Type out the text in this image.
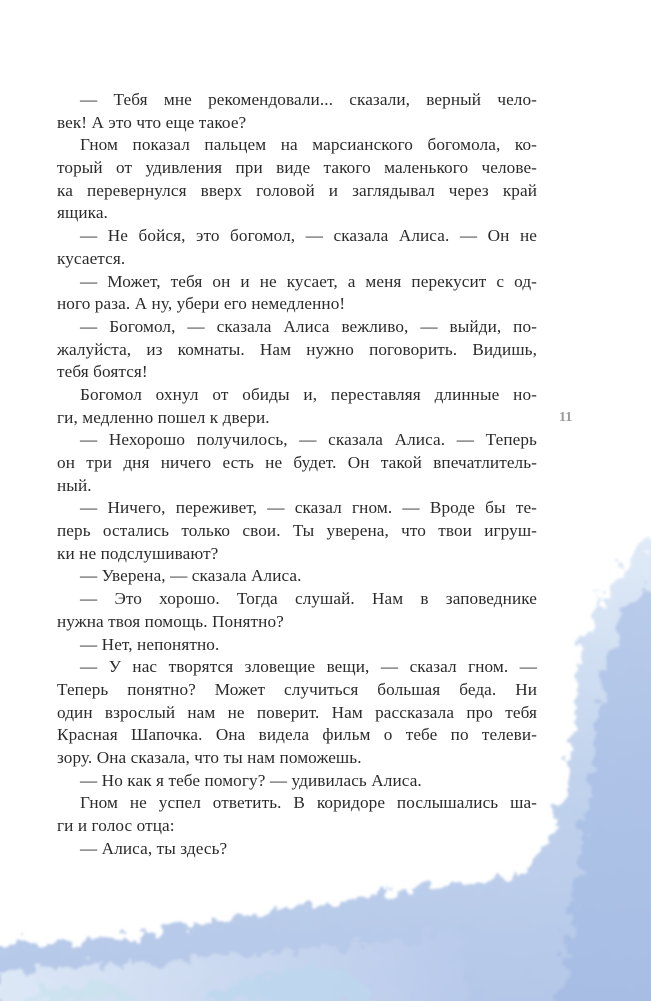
— Тебя мне рекомендовали... сказали, верный чело-
век! А это что еще такое?
Гном показал пальцем на марсианского богомола, ко-
торый от удивления при виде такого маленького челове-
ка перевернулся вверх головой и заглядывал через край
ящика.
— Не бойся, это богомол, — сказала Алиса. — Он не
кусается.
— Может, тебя он и не кусает, а меня перекусит с од-
ного раза. А ну, убери его немедленно!
— Богомол, — сказала Алиса вежливо, — выйди, по-
жалуйста, из комнаты. Нам нужно поговорить. Видишь,
тебя боятся!
Богомол охнул от обиды и, переставляя длинные но-
ги, медленно пошел к двери.
— Нехорошо получилось, — сказала Алиса. — Теперь
он три дня ничего есть не будет. Он такой впечатлитель-
ный.
— Ничего, переживет, — сказал гном. — Вроде бы те-
перь остались только свои. Ты уверена, что твои игруш-
ки не подслушивают?
— Уверена, — сказала Алиса.
— Это хорошо. Тогда слушай. Нам в заповеднике
нужна твоя помощь. Понятно?
— Нет, непонятно.
— У нас творятся зловещие вещи, — сказал гном. —
Теперь понятно? Может случиться большая беда. Ни
один взрослый нам не поверит. Нам рассказала про тебя
Красная Шапочка. Она видела фильм о тебе по телеви-
зору. Она сказала, что ты нам поможешь.
— Но как я тебе помогу? — удивилась Алиса.
Гном не успел ответить. В коридоре послышались ша-
ги и голос отца:
— Алиса, ты здесь?
11
